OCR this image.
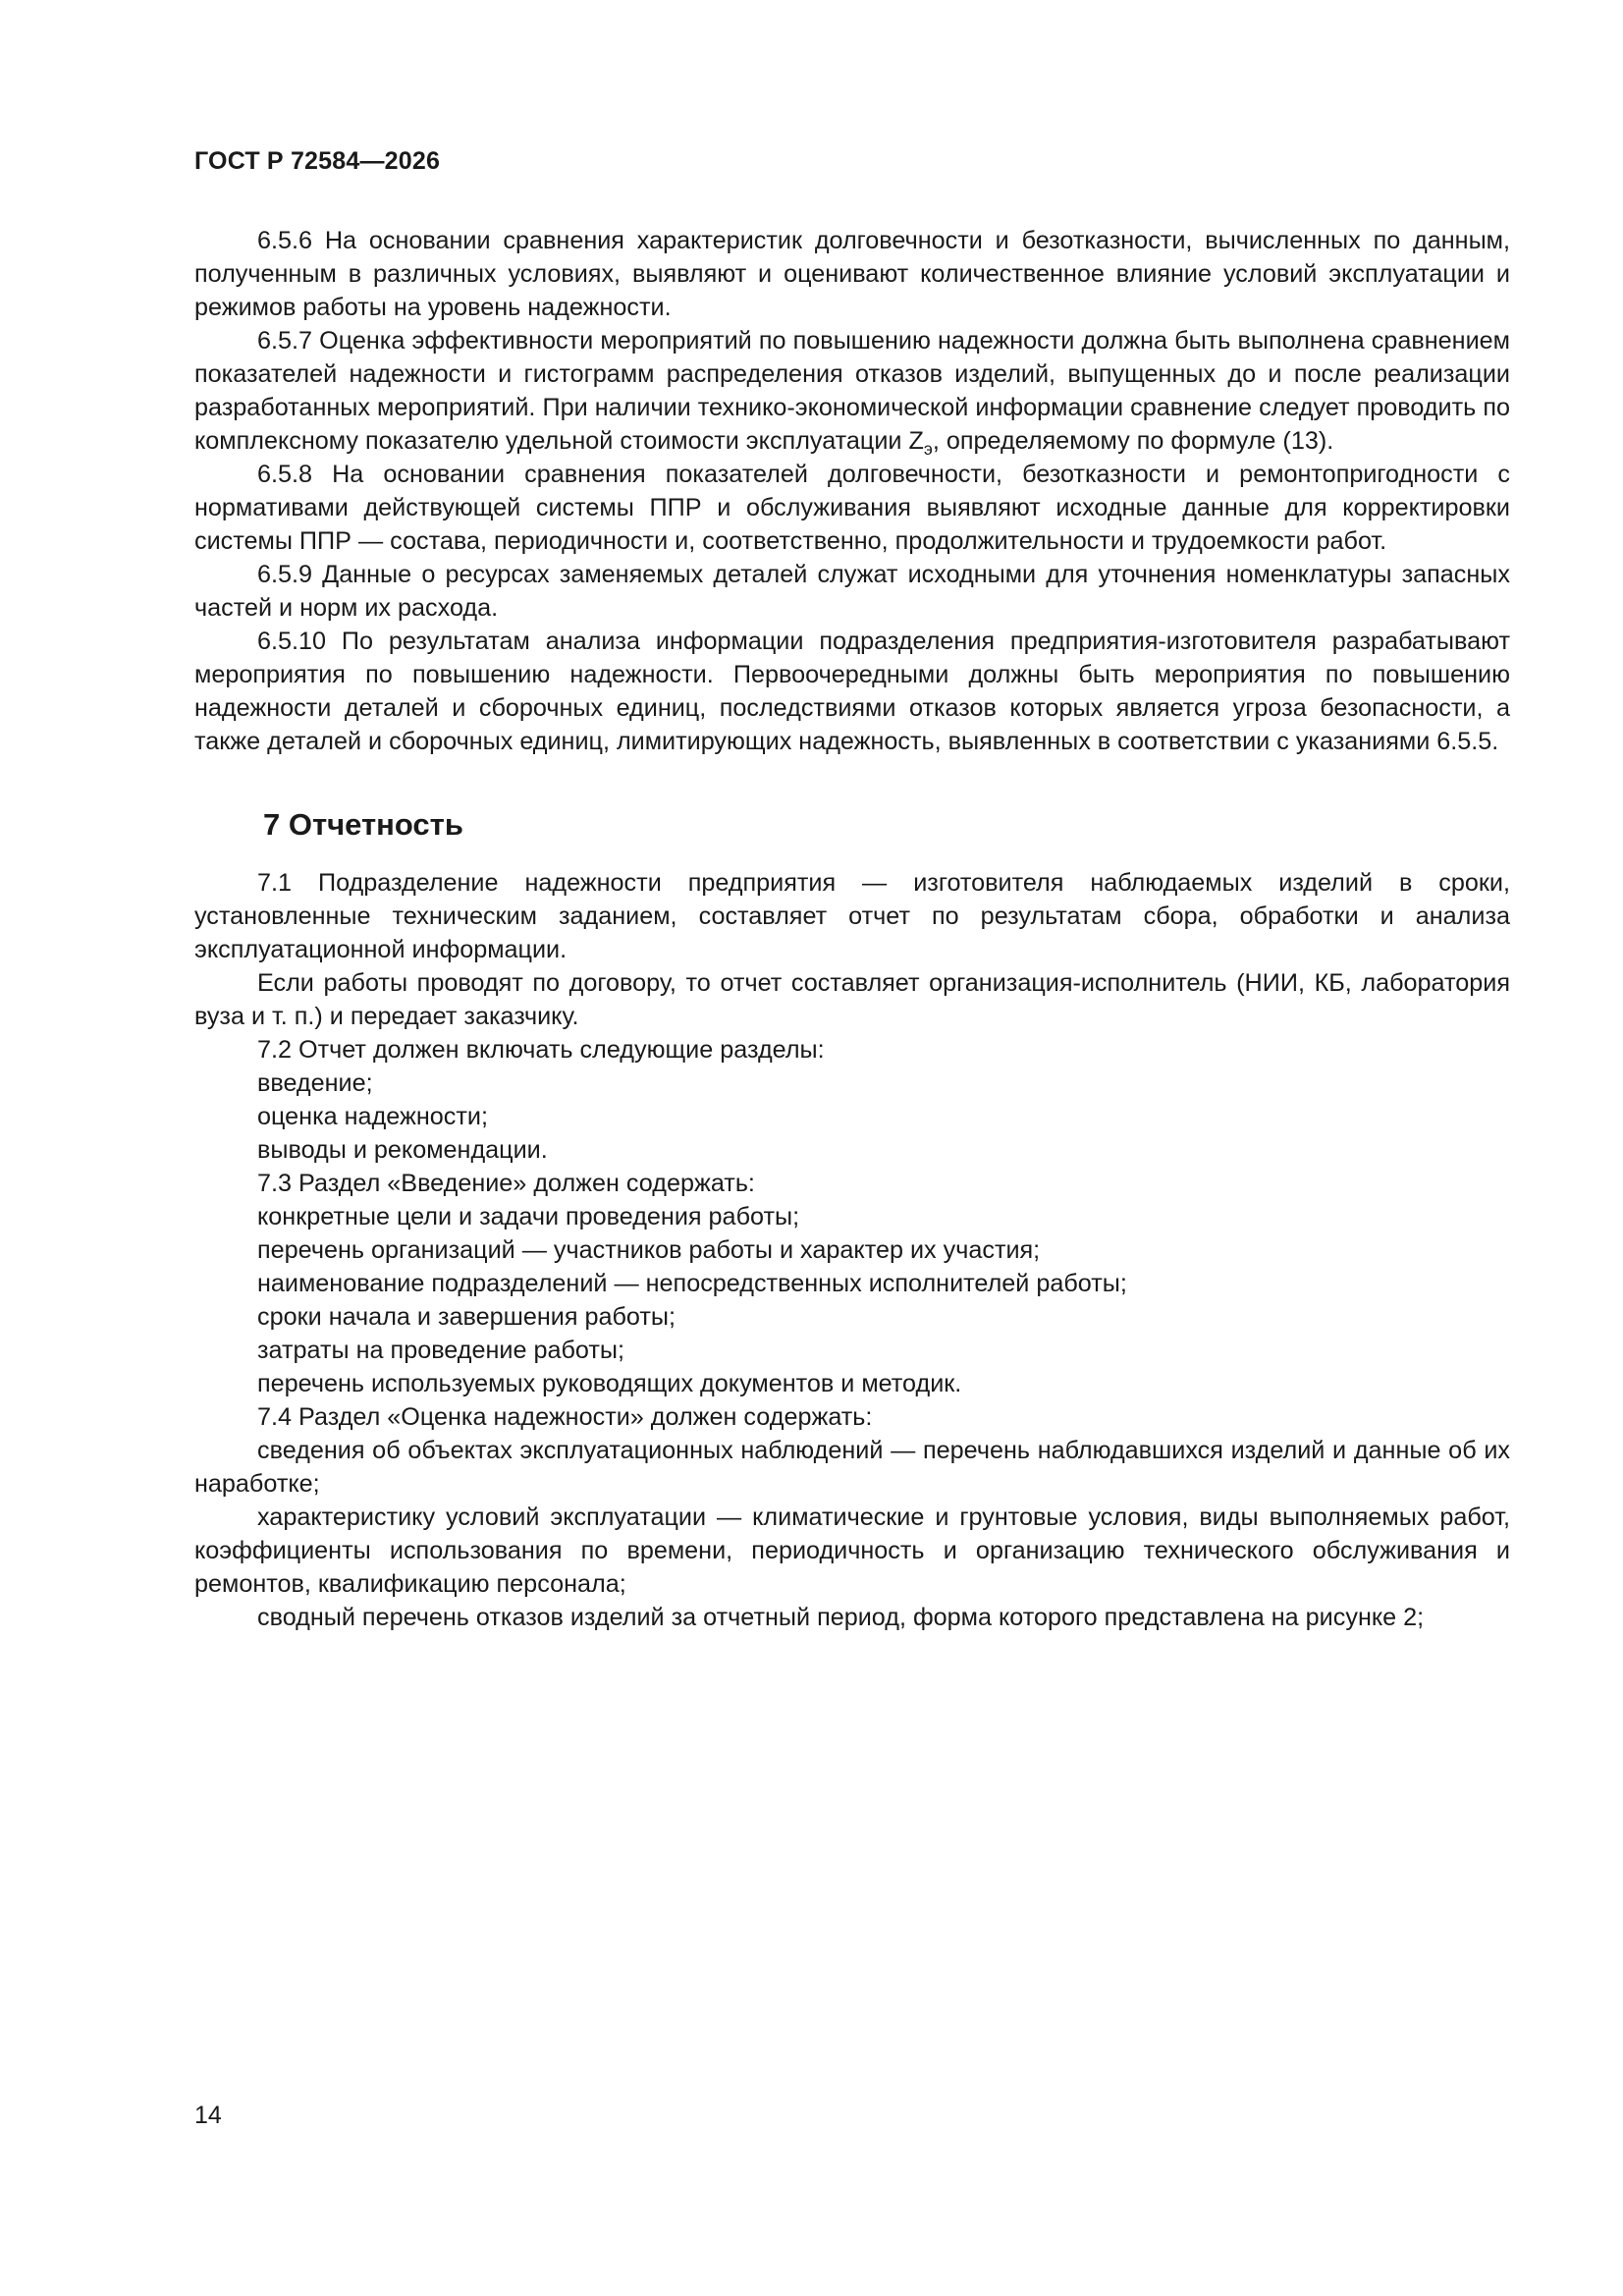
ГОСТ Р 72584—2026

6.5.6 На основании сравнения характеристик долговечности и безотказности, вычисленных по данным, полученным в различных условиях, выявляют и оценивают количественное влияние условий эксплуатации и режимов работы на уровень надежности.

6.5.7 Оценка эффективности мероприятий по повышению надежности должна быть выполнена сравнением показателей надежности и гистограмм распределения отказов изделий, выпущенных до и после реализации разработанных мероприятий. При наличии технико-экономической информации сравнение следует проводить по комплексному показателю удельной стоимости эксплуатации $Z_э$, определяемому по формуле (13).

6.5.8 На основании сравнения показателей долговечности, безотказности и ремонтопригодности с нормативами действующей системы ППР и обслуживания выявляют исходные данные для корректировки системы ППР — состава, периодичности и, соответственно, продолжительности и трудоемкости работ.

6.5.9 Данные о ресурсах заменяемых деталей служат исходными для уточнения номенклатуры запасных частей и норм их расхода.

6.5.10 По результатам анализа информации подразделения предприятия-изготовителя разрабатывают мероприятия по повышению надежности. Первоочередными должны быть мероприятия по повышению надежности деталей и сборочных единиц, последствиями отказов которых является угроза безопасности, а также деталей и сборочных единиц, лимитирующих надежность, выявленных в соответствии с указаниями 6.5.5.

7 Отчетность

7.1 Подразделение надежности предприятия — изготовителя наблюдаемых изделий в сроки, установленные техническим заданием, составляет отчет по результатам сбора, обработки и анализа эксплуатационной информации.

Если работы проводят по договору, то отчет составляет организация-исполнитель (НИИ, КБ, лаборатория вуза и т. п.) и передает заказчику.

7.2 Отчет должен включать следующие разделы:

введение;

оценка надежности;

выводы и рекомендации.

7.3 Раздел «Введение» должен содержать:

конкретные цели и задачи проведения работы;

перечень организаций — участников работы и характер их участия;

наименование подразделений — непосредственных исполнителей работы;

сроки начала и завершения работы;

затраты на проведение работы;

перечень используемых руководящих документов и методик.

7.4 Раздел «Оценка надежности» должен содержать:

сведения об объектах эксплуатационных наблюдений — перечень наблюдавшихся изделий и данные об их наработке;

характеристику условий эксплуатации — климатические и грунтовые условия, виды выполняемых работ, коэффициенты использования по времени, периодичность и организацию технического обслуживания и ремонтов, квалификацию персонала;

сводный перечень отказов изделий за отчетный период, форма которого представлена на рисунке 2;

14
